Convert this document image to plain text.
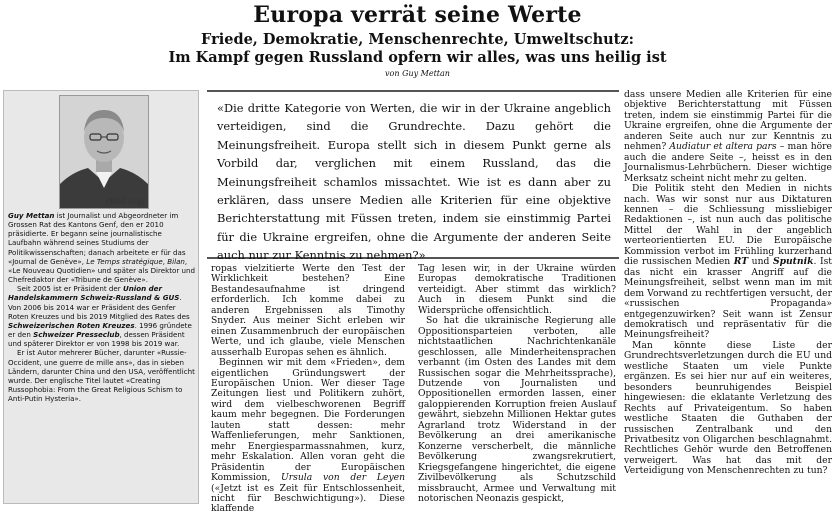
Europa verrät seine Werte
Friede, Demokratie, Menschenrechte, Umweltschutz:
Im Kampf gegen Russland opfern wir alles, was uns heilig ist
von Guy Mettan
(Bild zvg)

Guy Mettan ist Journalist und Abgeordneter im Grossen Rat des Kantons Genf, den er 2010 präsidierte. Er begann seine journalistische Laufbahn während seines Studiums der Politikwissenschaften; danach arbeitete er für das «Journal de Genève», Le Temps stratégique, Bilan, «Le Nouveau Quotidien» und später als Direktor und Chefredaktor der «Tribune de Genève».

Seit 2005 ist er Präsident der Union der Handelskammern Schweiz-Russland & GUS. Von 2006 bis 2014 war er Präsident des Genfer Roten Kreuzes und bis 2019 Mitglied des Rates des Schweizerischen Roten Kreuzes. 1996 gründete er den Schweizer Presseclub, dessen Präsident und späterer Direktor er von 1998 bis 2019 war.

Er ist Autor mehrerer Bücher, darunter «Russie-Occident, une guerre de mille ans», das in sieben Ländern, darunter China und den USA, veröffentlicht wurde. Der englische Titel lautet «Creating Russophobia: From the Great Religious Schism to Anti-Putin Hysteria».

«Die dritte Kategorie von Werten, die wir in der Ukraine angeblich verteidigen, sind die Grundrechte. Dazu gehört die Meinungsfreiheit. Europa stellt sich in diesem Punkt gerne als Vorbild dar, verglichen mit einem Russland, das die Meinungsfreiheit schamlos missachtet. Wie ist es dann aber zu erklären, dass unsere Medien alle Kriterien für eine objektive Berichterstattung mit Füssen treten, indem sie einstimmig Partei für die Ukraine ergreifen, ohne die Argumente der anderen Seite auch nur zur Kenntnis zu nehmen?»

ropas vielzitierte Werte den Test der Wirklichkeit bestehen? Eine Bestandesaufnahme ist dringend erforderlich. Ich komme dabei zu anderen Ergebnissen als Timothy Snyder. Aus meiner Sicht erleben wir einen Zusammenbruch der europäischen Werte, und ich glaube, viele Menschen ausserhalb Europas sehen es ähnlich.

Beginnen wir mit dem «Frieden», dem eigentlichen Gründungswert der Europäischen Union. Wer dieser Tage Zeitungen liest und Politikern zuhört, wird dem vielbeschworenen Begriff kaum mehr begegnen. Die Forderungen lauten statt dessen: mehr Waffenlieferungen, mehr Sanktionen, mehr Energiesparmassnahmen, kurz, mehr Eskalation. Allen voran geht die Präsidentin der Europäischen Kommission, Ursula von der Leyen («Jetzt ist es Zeit für Entschlossenheit, nicht für Beschwichtigung»). Diese klaffende

Tag lesen wir, in der Ukraine würden Europas demokratische Traditionen verteidigt. Aber stimmt das wirklich? Auch in diesem Punkt sind die Widersprüche offensichtlich.

So hat die ukrainische Regierung alle Oppositionsparteien verboten, alle nichtstaatlichen Nachrichtenkanäle geschlossen, alle Minderheitensprachen verbannt (im Osten des Landes mit dem Russischen sogar die Mehrheitssprache), Dutzende von Journalisten und Oppositionellen ermorden lassen, einer galoppierenden Korruption freien Auslauf gewährt, siebzehn Millionen Hektar gutes Agrarland trotz Widerstand in der Bevölkerung an drei amerikanische Konzerne verscherbelt, die männliche Bevölkerung zwangsrekrutiert, Kriegsgefangene hingerichtet, die eigene Zivilbevölkerung als Schutzschild missbraucht, Armee und Verwaltung mit notorischen Neonazis gespickt,

dass unsere Medien alle Kriterien für eine objektive Berichterstattung mit Füssen treten, indem sie einstimmig Partei für die Ukraine ergreifen, ohne die Argumente der anderen Seite auch nur zur Kenntnis zu nehmen? Audiatur et altera pars – man höre auch die andere Seite –, heisst es in den Journalismus-Lehrbüchern. Dieser wichtige Merksatz scheint nicht mehr zu gelten.

Die Politik steht den Medien in nichts nach. Was wir sonst nur aus Diktaturen kennen – die Schliessung missliebiger Redaktionen –, ist nun auch das politische Mittel der Wahl in der angeblich werteorientierten EU. Die Europäische Kommission verbot im Frühling kurzerhand die russischen Medien RT und Sputnik. Ist das nicht ein krasser Angriff auf die Meinungsfreiheit, selbst wenn man im mit dem Vorwand zu rechtfertigen versucht, der «russischen Propaganda» entgegenzuwirken? Seit wann ist Zensur demokratisch und repräsentativ für die Meinungsfreiheit?

Man könnte diese Liste der Grundrechtsverletzungen durch die EU und westliche Staaten um viele Punkte ergänzen. Es sei hier nur auf ein weiteres, besonders beunruhigendes Beispiel hingewiesen: die eklatante Verletzung des Rechts auf Privateigentum. So haben westliche Staaten die Guthaben der russischen Zentralbank und den Privatbesitz von Oligarchen beschlagnahmt. Rechtliches Gehör wurde den Betroffenen verweigert. Was hat das mit der Verteidigung von Menschenrechten zu tun?
